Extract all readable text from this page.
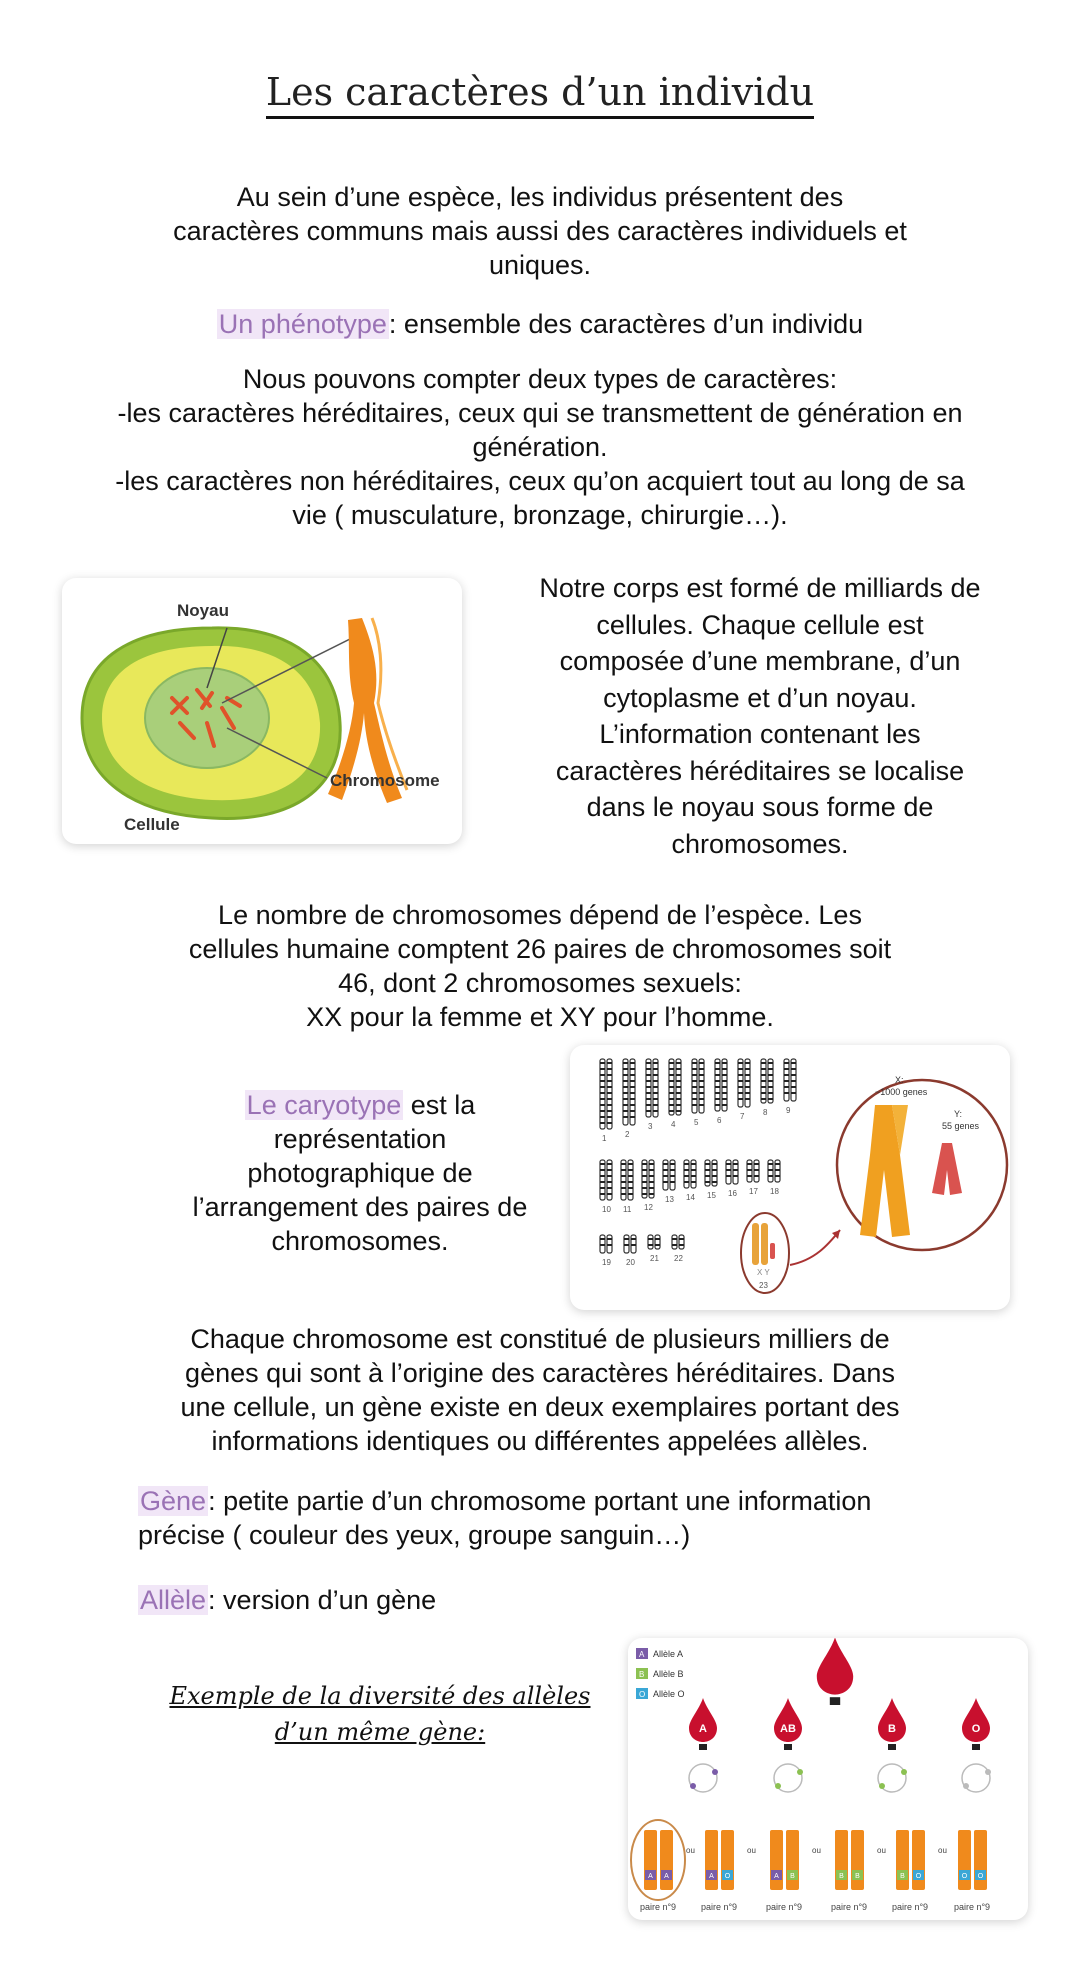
Les caractères d’un individu

Au sein d’une espèce, les individus présentent des

caractères communs mais aussi des caractères individuels et

uniques.

Un phénotype: ensemble des caractères d’un individu

Nous pouvons compter deux types de caractères:

-les caractères héréditaires, ceux qui se transmettent de génération en

génération.

-les caractères non héréditaires, ceux qu’on acquiert tout au long de sa

vie ( musculature, bronzage, chirurgie…).

Noyau
Chromosome
Cellule

Notre corps est formé de milliards de

cellules. Chaque cellule est

composée d’une membrane, d’un

cytoplasme et d’un noyau.

L’information contenant les

caractères héréditaires se localise

dans le noyau sous forme de

chromosomes.

Le nombre de chromosomes dépend de l’espèce. Les

cellules humaine comptent 26 paires de chromosomes soit

46, dont 2 chromosomes sexuels:

XX pour la femme et XY pour l’homme.

Le caryotype est la

représentation

photographique de

l’arrangement des paires de

chromosomes.

1 2
3 4 5 6 7 8 9
10 11 12
13 14 15 16 17 18
19 20 21 22
X Y
23
X:
~1000 genes
Y:
55 genes

Chaque chromosome est constitué de plusieurs milliers de

gènes qui sont à l’origine des caractères héréditaires. Dans

une cellule, un gène existe en deux exemplaires portant des

informations identiques ou différentes appelées allèles.

Gène: petite partie d’un chromosome portant une information

précise ( couleur des yeux, groupe sanguin…)

Allèle: version d’un gène

Exemple de la diversité des allèles
d’un même gène:
A Allèle A
B Allèle B
O Allèle O
A	AB	B	O
A A
paire n°9
ou
A O
paire n°9
ou
A B
paire n°9
ou
B B
paire n°9
ou
B O
paire n°9
ou
O O
paire n°9
